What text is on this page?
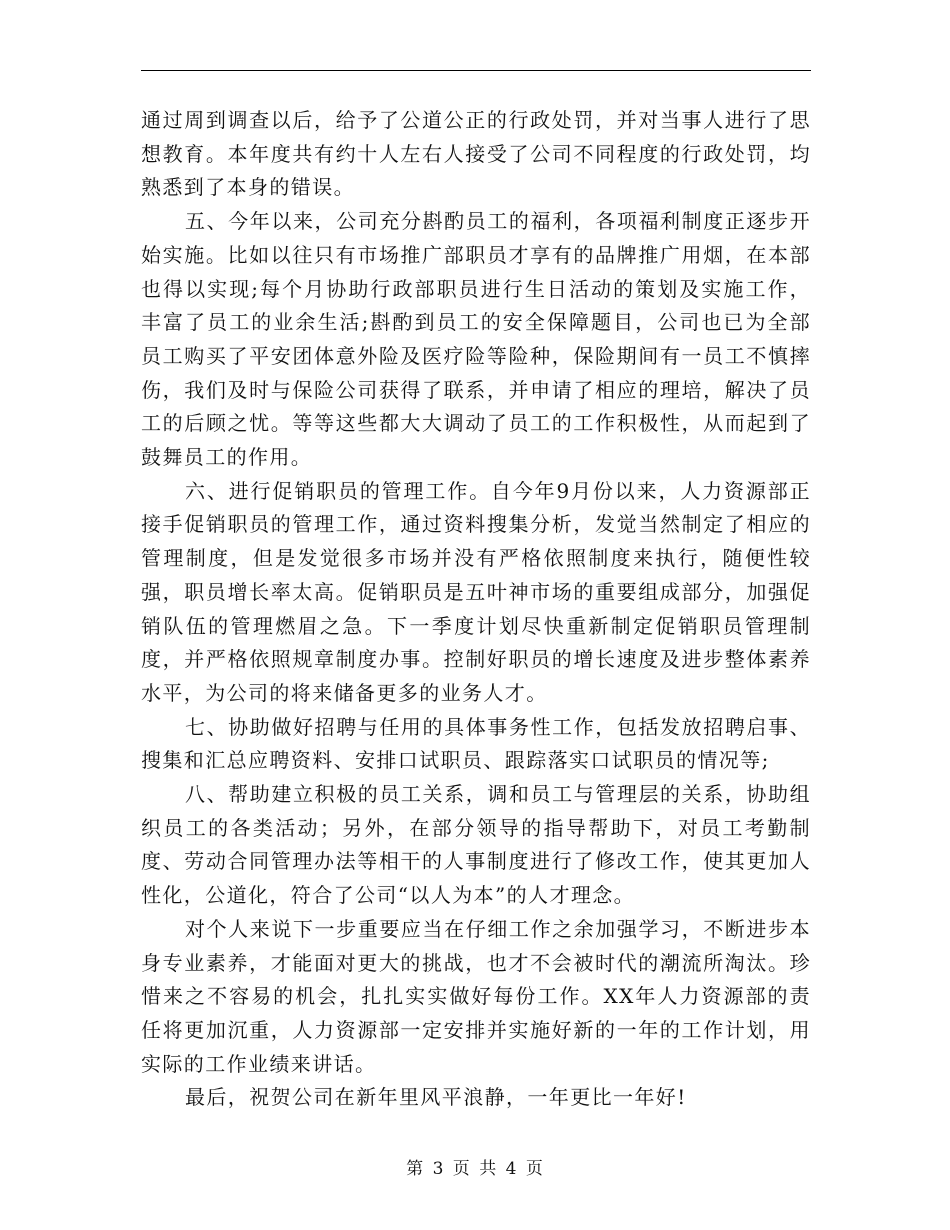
通过周到调查以后，给予了公道公正的行政处罚，并对当事人进行了思想教育。本年度共有约十人左右人接受了公司不同程度的行政处罚，均熟悉到了本身的错误。

五、今年以来，公司充分斟酌员工的福利，各项福利制度正逐步开始实施。比如以往只有市场推广部职员才享有的品牌推广用烟，在本部也得以实现;每个月协助行政部职员进行生日活动的策划及实施工作，丰富了员工的业余生活;斟酌到员工的安全保障题目，公司也已为全部员工购买了平安团体意外险及医疗险等险种，保险期间有一员工不慎摔伤，我们及时与保险公司获得了联系，并申请了相应的理培，解决了员工的后顾之忧。等等这些都大大调动了员工的工作积极性，从而起到了鼓舞员工的作用。

六、进行促销职员的管理工作。自今年9月份以来，人力资源部正接手促销职员的管理工作，通过资料搜集分析，发觉当然制定了相应的管理制度，但是发觉很多市场并没有严格依照制度来执行，随便性较强，职员增长率太高。促销职员是五叶神市场的重要组成部分，加强促销队伍的管理燃眉之急。下一季度计划尽快重新制定促销职员管理制度，并严格依照规章制度办事。控制好职员的增长速度及进步整体素养水平，为公司的将来储备更多的业务人才。

七、协助做好招聘与任用的具体事务性工作，包括发放招聘启事、搜集和汇总应聘资料、安排口试职员、跟踪落实口试职员的情况等;

八、帮助建立积极的员工关系，调和员工与管理层的关系，协助组织员工的各类活动；另外，在部分领导的指导帮助下，对员工考勤制度、劳动合同管理办法等相干的人事制度进行了修改工作，使其更加人性化，公道化，符合了公司“以人为本”的人才理念。

对个人来说下一步重要应当在仔细工作之余加强学习，不断进步本身专业素养，才能面对更大的挑战，也才不会被时代的潮流所淘汰。珍惜来之不容易的机会，扎扎实实做好每份工作。XX年人力资源部的责任将更加沉重，人力资源部一定安排并实施好新的一年的工作计划，用实际的工作业绩来讲话。

最后，祝贺公司在新年里风平浪静，一年更比一年好!

第 3 页 共 4 页
